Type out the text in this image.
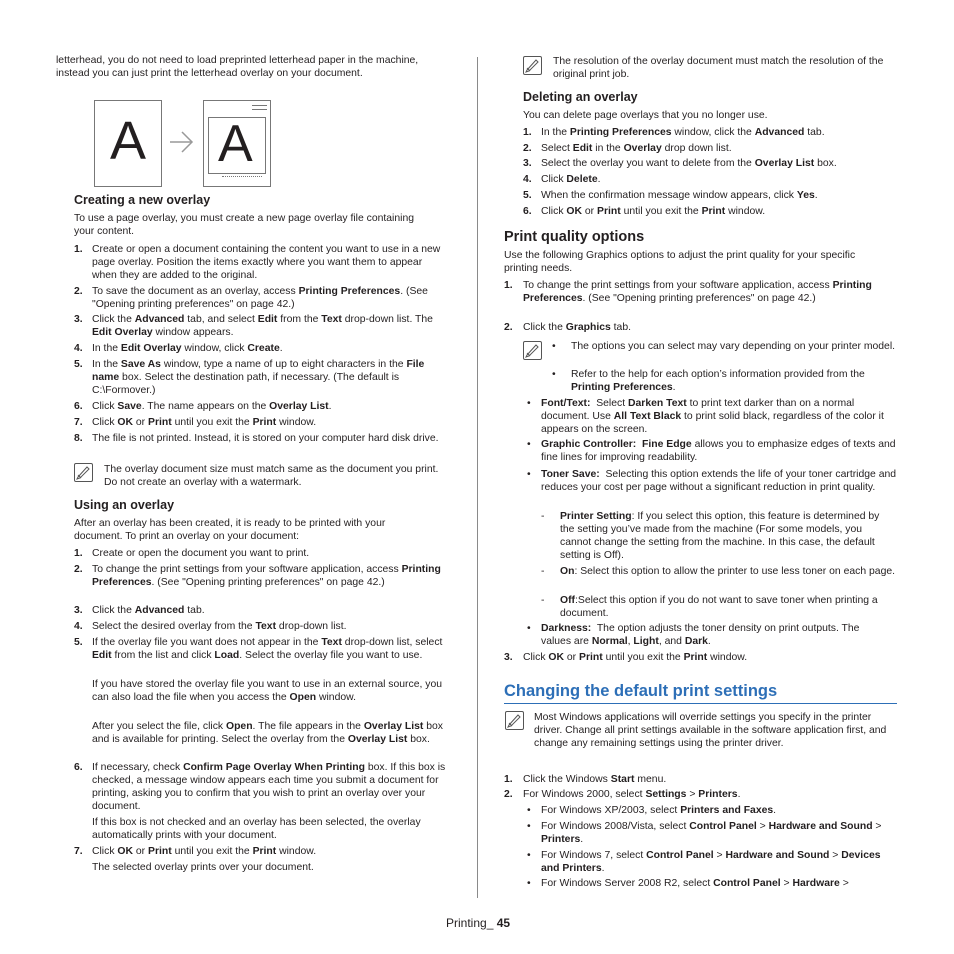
letterhead, you do not need to load preprinted letterhead paper in the machine, instead you can just print the letterhead overlay on your document.

A A
Creating a new overlay

To use a page overlay, you must create a new page overlay file containing your content.

1. Create or open a document containing the content you want to use in a new page overlay. Position the items exactly where you want them to appear when they are added to the original.

2. To save the document as an overlay, access Printing Preferences. (See "Opening printing preferences" on page 42.)

3. Click the Advanced tab, and select Edit from the Text drop-down list. The Edit Overlay window appears.

4. In the Edit Overlay window, click Create.

5. In the Save As window, type a name of up to eight characters in the File name box. Select the destination path, if necessary. (The default is C:\Formover.)

6. Click Save. The name appears on the Overlay List.

7. Click OK or Print until you exit the Print window.

8. The file is not printed. Instead, it is stored on your computer hard disk drive.

The overlay document size must match same as the document you print. Do not create an overlay with a watermark.

Using an overlay

After an overlay has been created, it is ready to be printed with your document. To print an overlay on your document:

1. Create or open the document you want to print.

2. To change the print settings from your software application, access Printing Preferences. (See "Opening printing preferences" on page 42.)

3. Click the Advanced tab.

4. Select the desired overlay from the Text drop-down list.

5. If the overlay file you want does not appear in the Text drop-down list, select Edit from the list and click Load. Select the overlay file you want to use.

If you have stored the overlay file you want to use in an external source, you can also load the file when you access the Open window.

After you select the file, click Open. The file appears in the Overlay List box and is available for printing. Select the overlay from the Overlay List box.

6. If necessary, check Confirm Page Overlay When Printing box. If this box is checked, a message window appears each time you submit a document for printing, asking you to confirm that you wish to print an overlay over your document.

If this box is not checked and an overlay has been selected, the overlay automatically prints with your document.

7. Click OK or Print until you exit the Print window.

The selected overlay prints over your document.

The resolution of the overlay document must match the resolution of the original print job.

Deleting an overlay

You can delete page overlays that you no longer use.

1. In the Printing Preferences window, click the Advanced tab.

2. Select Edit in the Overlay drop down list.

3. Select the overlay you want to delete from the Overlay List box.

4. Click Delete.

5. When the confirmation message window appears, click Yes.

6. Click OK or Print until you exit the Print window.

Print quality options

Use the following Graphics options to adjust the print quality for your specific printing needs.

1. To change the print settings from your software application, access Printing Preferences. (See "Opening printing preferences" on page 42.)

2. Click the Graphics tab.

• The options you can select may vary depending on your printer model.

• Refer to the help for each option’s information provided from the Printing Preferences.

• Font/Text:  Select Darken Text to print text darker than on a normal document. Use All Text Black to print solid black, regardless of the color it appears on the screen.

• Graphic Controller:  Fine Edge allows you to emphasize edges of texts and fine lines for improving readability.

• Toner Save:  Selecting this option extends the life of your toner cartridge and reduces your cost per page without a significant reduction in print quality.

- Printer Setting: If you select this option, this feature is determined by the setting you’ve made from the machine (For some models, you cannot change the setting from the machine. In this case, the default setting is Off).

- On: Select this option to allow the printer to use less toner on each page.

- Off:Select this option if you do not want to save toner when printing a document.

• Darkness:  The option adjusts the toner density on print outputs. The values are Normal, Light, and Dark.

3. Click OK or Print until you exit the Print window.

Changing the default print settings

Most Windows applications will override settings you specify in the printer driver. Change all print settings available in the software application first, and change any remaining settings using the printer driver.

1. Click the Windows Start menu.

2. For Windows 2000, select Settings > Printers.

• For Windows XP/2003, select Printers and Faxes.

• For Windows 2008/Vista, select Control Panel > Hardware and Sound > Printers.

• For Windows 7, select Control Panel > Hardware and Sound > Devices and Printers.

• For Windows Server 2008 R2, select Control Panel > Hardware >

Printing_ 45
